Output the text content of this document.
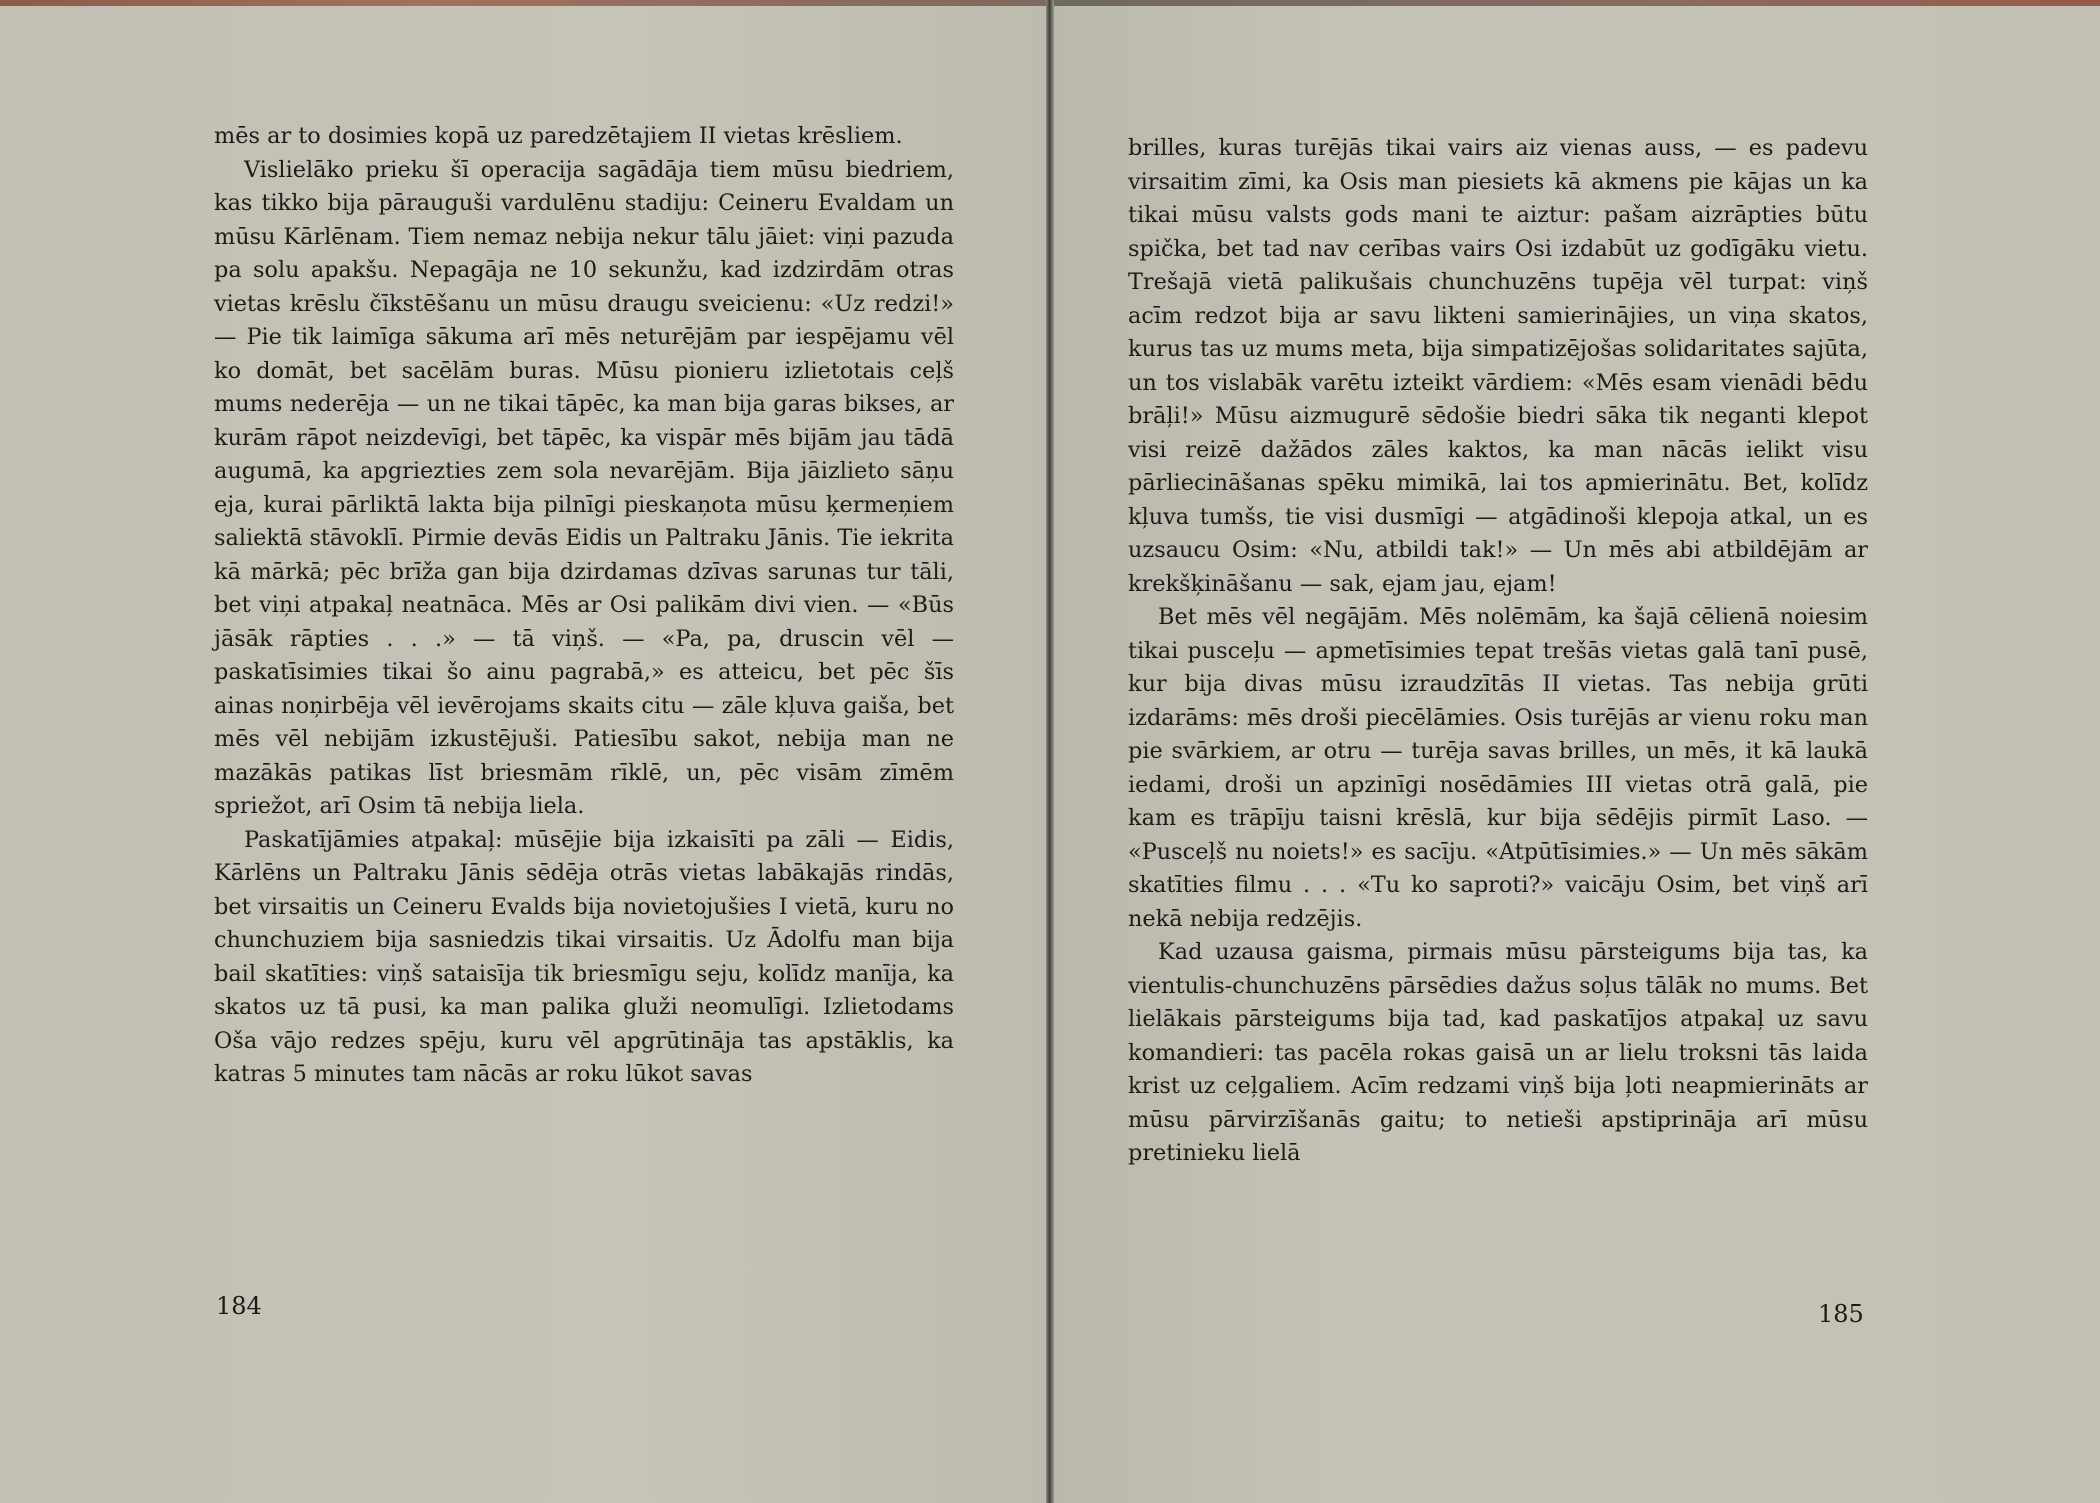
mēs ar to dosimies kopā uz paredzētajiem II vietas krēsliem.

Vislielāko prieku šī operacija sagādāja tiem mūsu biedriem, kas tikko bija pārauguši vardulēnu stadiju: Ceineru Evaldam un mūsu Kārlēnam. Tiem nemaz nebija nekur tālu jāiet: viņi pazuda pa solu apakšu. Nepagāja ne 10 sekunžu, kad izdzirdām otras vietas krēslu čīkstēšanu un mūsu draugu sveicienu: «Uz redzi!» — Pie tik laimīga sākuma arī mēs neturējām par iespējamu vēl ko domāt, bet sacēlām buras. Mūsu pionieru izlietotais ceļš mums nederēja — un ne tikai tāpēc, ka man bija garas bikses, ar kurām rāpot neizdevīgi, bet tāpēc, ka vispār mēs bijām jau tādā augumā, ka apgriezties zem sola nevarējām. Bija jāizlieto sāņu eja, kurai pārliktā lakta bija pilnīgi pieskaņota mūsu ķermeņiem saliektā stāvoklī. Pirmie devās Eidis un Paltraku Jānis. Tie iekrita kā mārkā; pēc brīža gan bija dzirdamas dzīvas sarunas tur tāli, bet viņi atpakaļ neatnāca. Mēs ar Osi palikām divi vien. — «Būs jāsāk rāpties . . .» — tā viņš. — «Pa, pa, druscin vēl — paskatīsimies tikai šo ainu pagrabā,» es atteicu, bet pēc šīs ainas noņirbēja vēl ievērojams skaits citu — zāle kļuva gaiša, bet mēs vēl nebijām izkustējuši. Patiesību sakot, nebija man ne mazākās patikas līst briesmām rīklē, un, pēc visām zīmēm spriežot, arī Osim tā nebija liela.

Paskatījāmies atpakaļ: mūsējie bija izkaisīti pa zāli — Eidis, Kārlēns un Paltraku Jānis sēdēja otrās vietas labākajās rindās, bet virsaitis un Ceineru Evalds bija novietojušies I vietā, kuru no chunchuziem bija sasniedzis tikai virsaitis. Uz Ādolfu man bija bail skatīties: viņš sataisīja tik briesmīgu seju, kolīdz manīja, ka skatos uz tā pusi, ka man palika gluži neomulīgi. Izlietodams Oša vājo redzes spēju, kuru vēl apgrūtināja tas apstāklis, ka katras 5 minutes tam nācās ar roku lūkot savas

184

brilles, kuras turējās tikai vairs aiz vienas auss, — es padevu virsaitim zīmi, ka Osis man piesiets kā akmens pie kājas un ka tikai mūsu valsts gods mani te aiztur: pašam aizrāpties būtu spička, bet tad nav cerības vairs Osi izdabūt uz godīgāku vietu. Trešajā vietā palikušais chunchuzēns tupēja vēl turpat: viņš acīm redzot bija ar savu likteni samierinājies, un viņa skatos, kurus tas uz mums meta, bija simpatizējošas solidaritates sajūta, un tos vislabāk varētu izteikt vārdiem: «Mēs esam vienādi bēdu brāļi!» Mūsu aizmugurē sēdošie biedri sāka tik neganti klepot visi reizē dažādos zāles kaktos, ka man nācās ielikt visu pārliecināšanas spēku mimikā, lai tos apmierinātu. Bet, kolīdz kļuva tumšs, tie visi dusmīgi — atgādinoši klepoja atkal, un es uzsaucu Osim: «Nu, atbildi tak!» — Un mēs abi atbildējām ar krekšķināšanu — sak, ejam jau, ejam!

Bet mēs vēl negājām. Mēs nolēmām, ka šajā cēlienā noiesim tikai pusceļu — apmetīsimies tepat trešās vietas galā tanī pusē, kur bija divas mūsu izraudzītās II vietas. Tas nebija grūti izdarāms: mēs droši piecēlāmies. Osis turējās ar vienu roku man pie svārkiem, ar otru — turēja savas brilles, un mēs, it kā laukā iedami, droši un apzinīgi nosēdāmies III vietas otrā galā, pie kam es trāpīju taisni krēslā, kur bija sēdējis pirmīt Laso. — «Pusceļš nu noiets!» es sacīju. «Atpūtīsimies.» — Un mēs sākām skatīties filmu . . . «Tu ko saproti?» vaicāju Osim, bet viņš arī nekā nebija redzējis.

Kad uzausa gaisma, pirmais mūsu pārsteigums bija tas, ka vientulis-chunchuzēns pārsēdies dažus soļus tālāk no mums. Bet lielākais pārsteigums bija tad, kad paskatījos atpakaļ uz savu komandieri: tas pacēla rokas gaisā un ar lielu troksni tās laida krist uz ceļgaliem. Acīm redzami viņš bija ļoti neapmierināts ar mūsu pārvirzīšanās gaitu; to netieši apstiprināja arī mūsu pretinieku lielā

185
